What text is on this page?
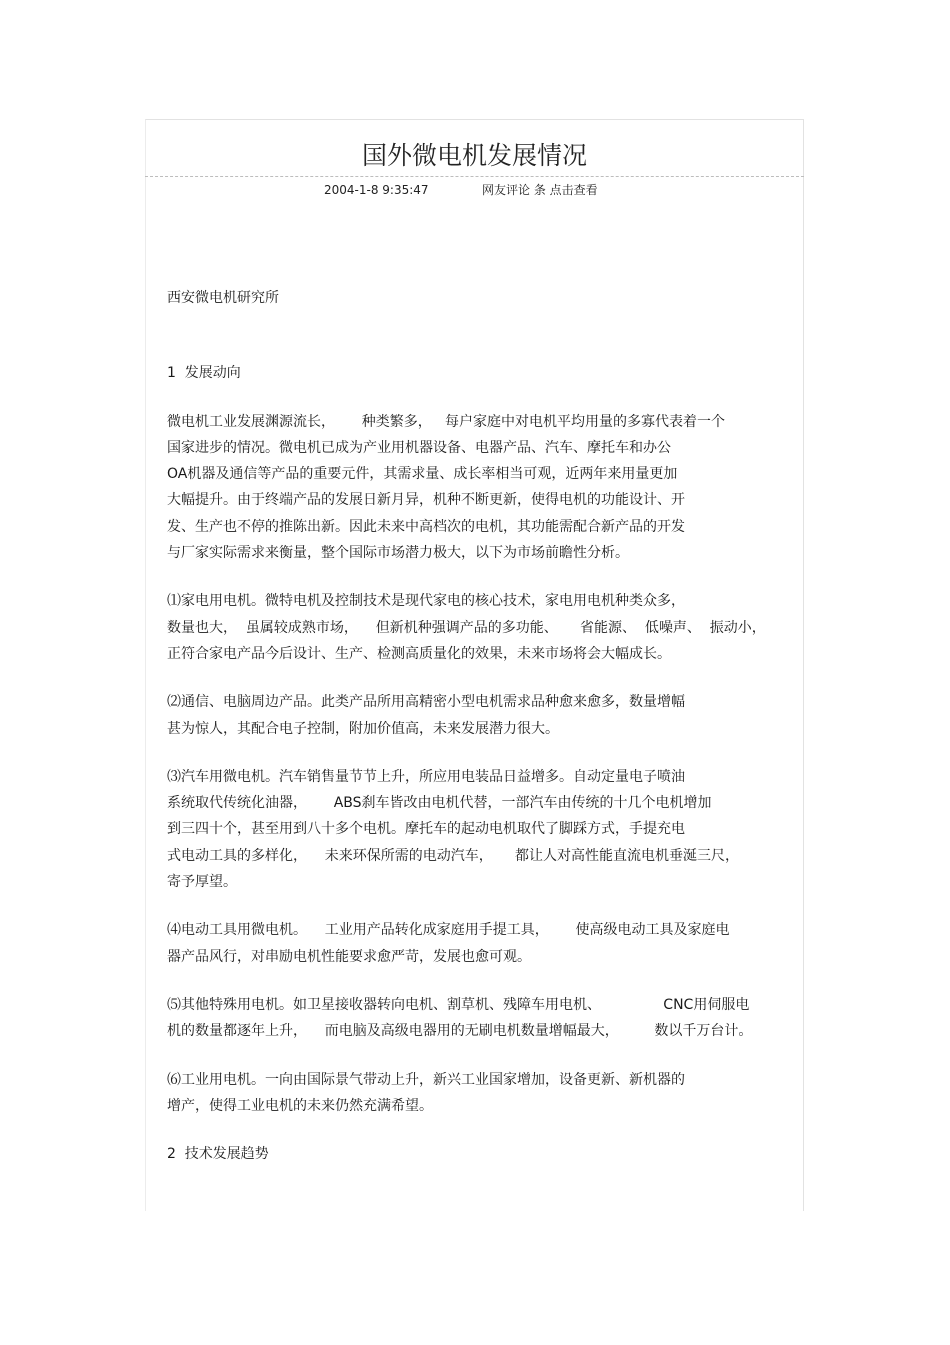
国外微电机发展情况
2004-1-8 9:35:47	网友评论 条 点击查看
西安微电机研究所
1  发展动向
微电机工业发展渊源流长，      种类繁多，   每户家庭中对电机平均用量的多寡代表着一个
国家进步的情况。微电机已成为产业用机器设备、电器产品、汽车、摩托车和办公
OA机器及通信等产品的重要元件，其需求量、成长率相当可观，近两年来用量更加
大幅提升。由于终端产品的发展日新月异，机种不断更新，使得电机的功能设计、开
发、生产也不停的推陈出新。因此未来中高档次的电机，其功能需配合新产品的开发
与厂家实际需求来衡量，整个国际市场潜力极大，以下为市场前瞻性分析。
⑴家电用电机。微特电机及控制技术是现代家电的核心技术，家电用电机种类众多，
数量也大，  虽属较成熟市场，    但新机种强调产品的多功能、     省能源、  低噪声、  振动小，
正符合家电产品今后设计、生产、检测高质量化的效果，未来市场将会大幅成长。
⑵通信、电脑周边产品。此类产品所用高精密小型电机需求品种愈来愈多，数量增幅
甚为惊人，其配合电子控制，附加价值高，未来发展潜力很大。
⑶汽车用微电机。汽车销售量节节上升，所应用电装品日益增多。自动定量电子喷油
系统取代传统化油器，      ABS刹车皆改由电机代替，一部汽车由传统的十几个电机增加
到三四十个，甚至用到八十多个电机。摩托车的起动电机取代了脚踩方式，手提充电
式电动工具的多样化，    未来环保所需的电动汽车，     都让人对高性能直流电机垂涎三尺，
寄予厚望。
⑷电动工具用微电机。    工业用产品转化成家庭用手提工具，      使高级电动工具及家庭电
器产品风行，对串励电机性能要求愈严苛，发展也愈可观。
⑸其他特殊用电机。如卫星接收器转向电机、割草机、残障车用电机、              CNC用伺服电
机的数量都逐年上升，    而电脑及高级电器用的无刷电机数量增幅最大，        数以千万台计。
⑹工业用电机。一向由国际景气带动上升，新兴工业国家增加，设备更新、新机器的
增产，使得工业电机的未来仍然充满希望。
2  技术发展趋势
